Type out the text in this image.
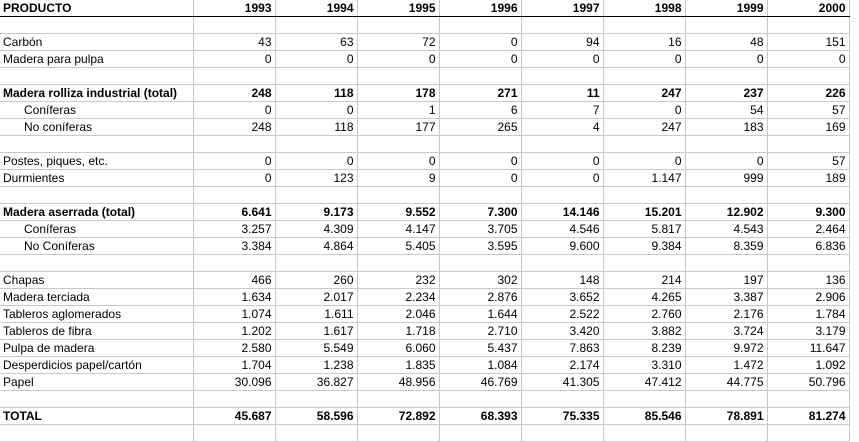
PRODUCTO	1993	1994	1995	1996	1997	1998	1999	2000

Carbón	43	63	72	0	94	16	48	151
Madera para pulpa	0	0	0	0	0	0	0	0

Madera rolliza industrial (total)	248	118	178	271	11	247	237	226
Coníferas	0	0	1	6	7	0	54	57
No coníferas	248	118	177	265	4	247	183	169

Postes, piques, etc.	0	0	0	0	0	0	0	57
Durmientes	0	123	9	0	0	1.147	999	189

Madera aserrada (total)	6.641	9.173	9.552	7.300	14.146	15.201	12.902	9.300
Coníferas	3.257	4.309	4.147	3.705	4.546	5.817	4.543	2.464
No Coníferas	3.384	4.864	5.405	3.595	9.600	9.384	8.359	6.836

Chapas	466	260	232	302	148	214	197	136
Madera terciada	1.634	2.017	2.234	2.876	3.652	4.265	3.387	2.906
Tableros aglomerados	1.074	1.611	2.046	1.644	2.522	2.760	2.176	1.784
Tableros de fibra	1.202	1.617	1.718	2.710	3.420	3.882	3.724	3.179
Pulpa de madera	2.580	5.549	6.060	5.437	7.863	8.239	9.972	11.647
Desperdicios papel/cartón	1.704	1.238	1.835	1.084	2.174	3.310	1.472	1.092
Papel	30.096	36.827	48.956	46.769	41.305	47.412	44.775	50.796

TOTAL	45.687	58.596	72.892	68.393	75.335	85.546	78.891	81.274
